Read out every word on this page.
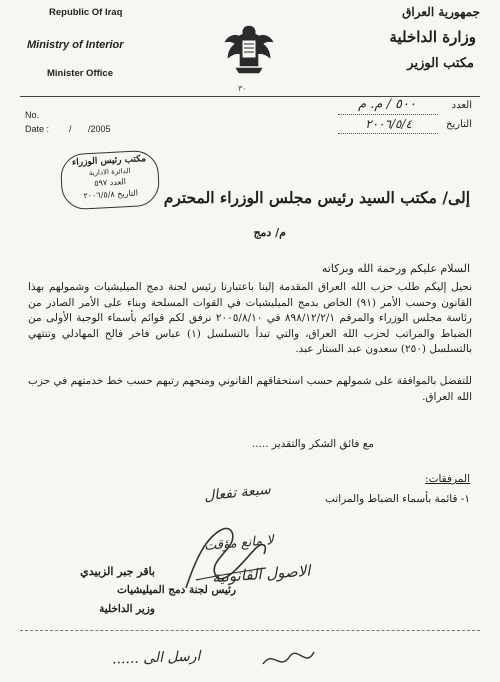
Republic Of Iraq
Ministry of Interior
Minister Office
No.
Date : / /2005
٣٠
جمهورية العراق
وزارة الداخلية
مكتب الوزير
العدد
٥٠٠ / م. م
التاريخ
٢٠٠٦/٥/٤
مكتب رئيس الوزراء
الدائرة الادارية
العدد ٥٩٧
التاريخ ٢٠٠٦/٥/٨	إلى/ مكتب السيد رئيس مجلس الوزراء المحترم
م/ دمج
السلام عليكم ورحمة الله وبركاته
نحيل إليكم طلب حزب الله العراق المقدمة إلينا باعتبارنا رئيس لجنة دمج الميليشيات وشمولهم بهذا القانون وحسب الأمر (٩١) الخاص بدمج الميليشيات في القوات المسلحة وبناء على الأمر الصادر من رئاسة مجلس الوزراء والمرقم ٨٩٨/١٢/٢/١ في ٢٠٠٥/٨/١٠ نرفق لكم قوائم بأسماء الوجبة الأولى من الضباط والمراتب لحزب الله العراق، والتي تبدأ بالتسلسل (١) عباس فاخر فالح المهادلي وتنتهي بالتسلسل (٢٥٠) سعدون عبد الستار عبد.
للتفضل بالموافقة على شمولهم حسب استحقاقهم القانوني ومنحهم رتبهم حسب خط خدمتهم في حزب الله العراق.
مع فائق الشكر والتقدير .....
المرفقات:
١- قائمة بأسماء الضباط والمراتب
سبعة تفعال
لا مانع مؤقت
الاصول القانونية
باقر جبر الزبيدي
رئيس لجنة دمج الميليشيات
وزير الداخلية
ارسل الى ......
